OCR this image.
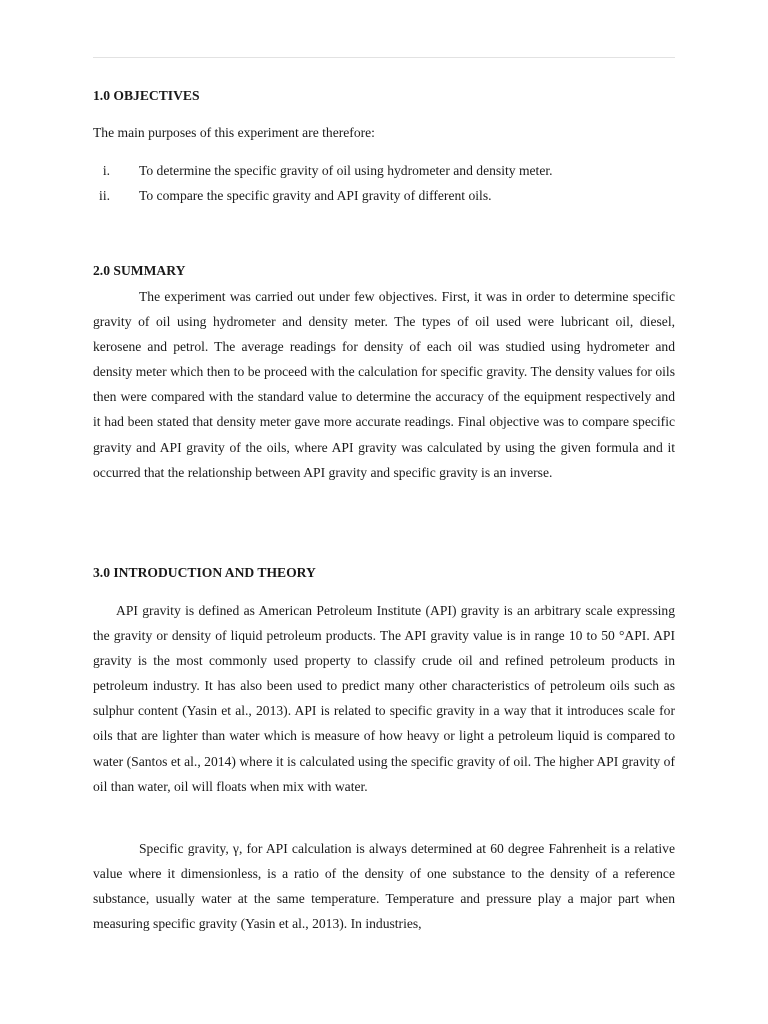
1.0 OBJECTIVES
The main purposes of this experiment are therefore:
i. To determine the specific gravity of oil using hydrometer and density meter.
ii. To compare the specific gravity and API gravity of different oils.
2.0 SUMMARY
The experiment was carried out under few objectives. First, it was in order to determine specific gravity of oil using hydrometer and density meter. The types of oil used were lubricant oil, diesel, kerosene and petrol. The average readings for density of each oil was studied using hydrometer and density meter which then to be proceed with the calculation for specific gravity. The density values for oils then were compared with the standard value to determine the accuracy of the equipment respectively and it had been stated that density meter gave more accurate readings. Final objective was to compare specific gravity and API gravity of the oils, where API gravity was calculated by using the given formula and it occurred that the relationship between API gravity and specific gravity is an inverse.
3.0 INTRODUCTION AND THEORY
API gravity is defined as American Petroleum Institute (API) gravity is an arbitrary scale expressing the gravity or density of liquid petroleum products. The API gravity value is in range 10 to 50 °API. API gravity is the most commonly used property to classify crude oil and refined petroleum products in petroleum industry. It has also been used to predict many other characteristics of petroleum oils such as sulphur content (Yasin et al., 2013). API is related to specific gravity in a way that it introduces scale for oils that are lighter than water which is measure of how heavy or light a petroleum liquid is compared to water (Santos et al., 2014) where it is calculated using the specific gravity of oil. The higher API gravity of oil than water, oil will floats when mix with water.
Specific gravity, γ, for API calculation is always determined at 60 degree Fahrenheit is a relative value where it dimensionless, is a ratio of the density of one substance to the density of a reference substance, usually water at the same temperature. Temperature and pressure play a major part when measuring specific gravity (Yasin et al., 2013). In industries,
